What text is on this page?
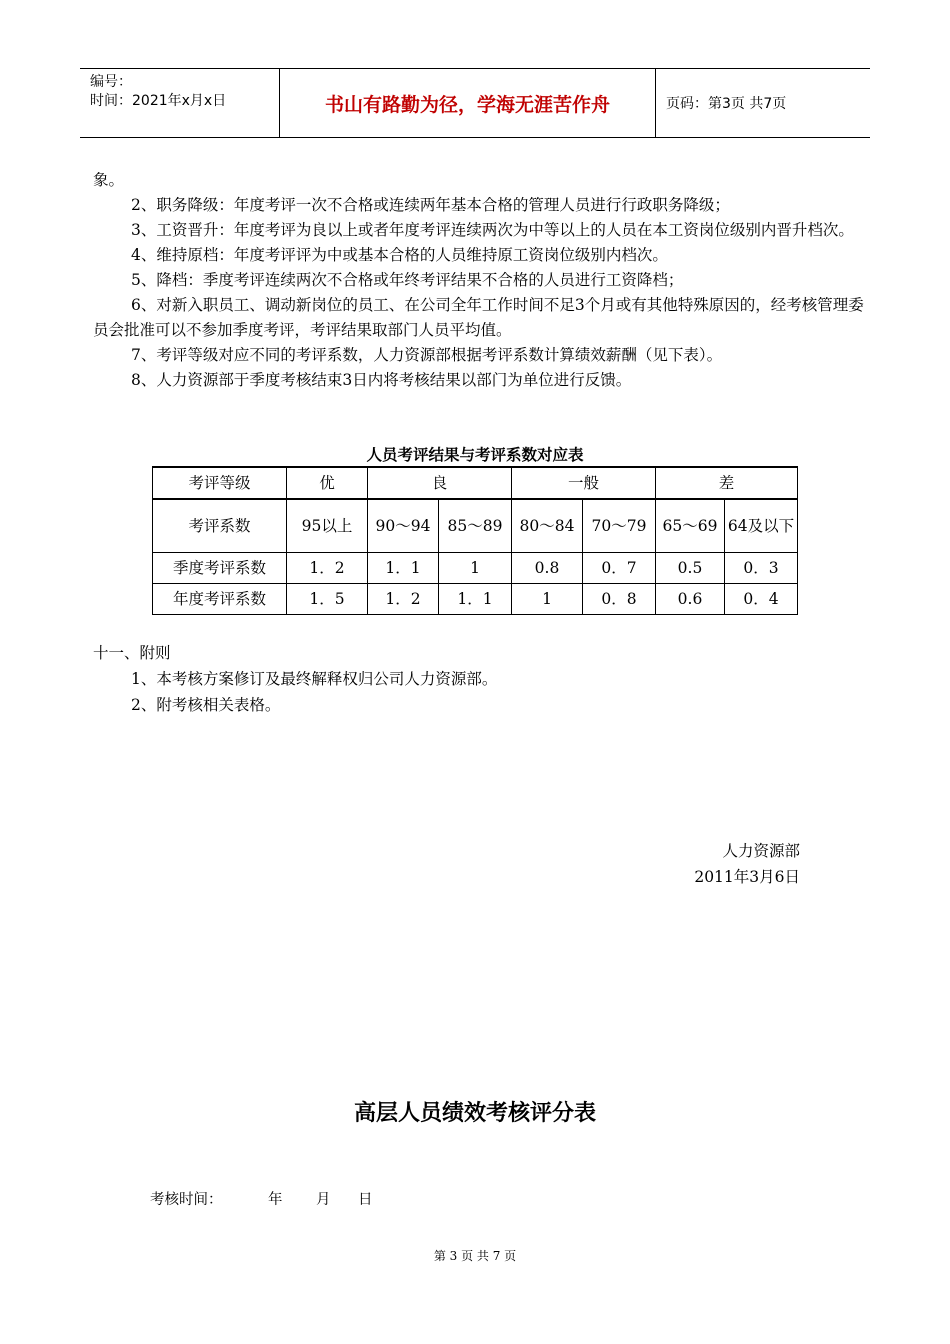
编号：
时间：2021年x月x日	书山有路勤为径，学海无涯苦作舟	页码：第3页 共7页

象。

2、职务降级：年度考评一次不合格或连续两年基本合格的管理人员进行行政职务降级；

3、工资晋升：年度考评为良以上或者年度考评连续两次为中等以上的人员在本工资岗位级别内晋升档次。

4、维持原档：年度考评评为中或基本合格的人员维持原工资岗位级别内档次。

5、降档：季度考评连续两次不合格或年终考评结果不合格的人员进行工资降档；

6、对新入职员工、调动新岗位的员工、在公司全年工作时间不足3个月或有其他特殊原因的，经考核管理委员会批准可以不参加季度考评，考评结果取部门人员平均值。

7、考评等级对应不同的考评系数，人力资源部根据考评系数计算绩效薪酬（见下表）。

8、人力资源部于季度考核结束3日内将考核结果以部门为单位进行反馈。

人员考评结果与考评系数对应表
考评等级	优	良		一般		差	
考评系数	95以上	90～94	85～89	80～84	70～79	65～69	64及以下
季度考评系数	1．2	1．1	1	0.8	0．7	0.5	0．3
年度考评系数	1．5	1．2	1．1	1	0．8	0.6	0．4

十一、附则

1、本考核方案修订及最终解释权归公司人力资源部。

2、附考核相关表格。

人力资源部

2011年3月6日

高层人员绩效考核评分表
考核时间：	年	月	日
第 3 页 共 7 页
